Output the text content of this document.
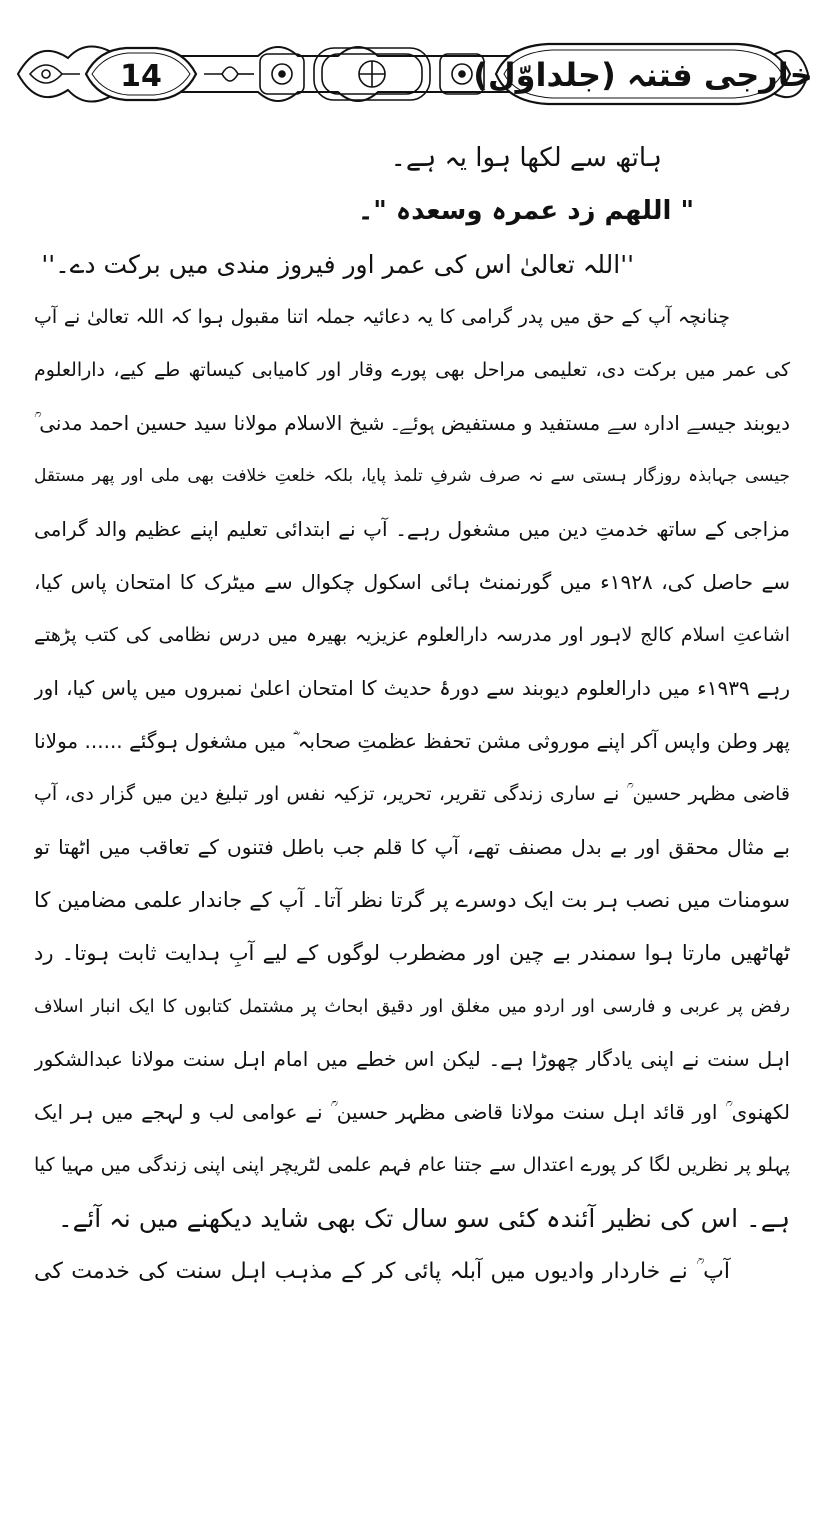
14	خارجی فتنہ (جلداوّل)

ہاتھ سے لکھا ہوا یہ ہے۔

" اللھم زد عمرہ وسعدہ "۔

''اللہ تعالیٰ اس کی عمر اور فیروز مندی میں برکت دے۔''

چنانچہ آپ کے حق میں پدر گرامی کا یہ دعائیہ جملہ اتنا مقبول ہوا کہ اللہ تعالیٰ نے آپ

کی عمر میں برکت دی، تعلیمی مراحل بھی پورے وقار اور کامیابی کیساتھ طے کیے، دارالعلوم

دیوبند جیسے ادارہ سے مستفید و مستفیض ہوئے۔ شیخ الاسلام مولانا سید حسین احمد مدنی ؒ

جیسی جہابذہ روزگار ہستی سے نہ صرف شرفِ تلمذ پایا، بلکہ خلعتِ خلافت بھی ملی اور پھر مستقل

مزاجی کے ساتھ خدمتِ دین میں مشغول رہے۔ آپ نے ابتدائی تعلیم اپنے عظیم والد گرامی

سے حاصل کی، ۱۹۲۸ء میں گورنمنٹ ہائی اسکول چکوال سے میٹرک کا امتحان پاس کیا،

اشاعتِ اسلام کالج لاہور اور مدرسہ دارالعلوم عزیزیہ بھیرہ میں درس نظامی کی کتب پڑھتے

رہے ۱۹۳۹ء میں دارالعلوم دیوبند سے دورۂ حدیث کا امتحان اعلیٰ نمبروں میں پاس کیا، اور

پھر وطن واپس آکر اپنے موروثی مشن تحفظ عظمتِ صحابہ ؓ میں مشغول ہوگئے ...... مولانا

قاضی مظہر حسین ؒ نے ساری زندگی تقریر، تحریر، تزکیہ نفس اور تبلیغ دین میں گزار دی، آپ

بے مثال محقق اور بے بدل مصنف تھے، آپ کا قلم جب باطل فتنوں کے تعاقب میں اٹھتا تو

سومنات میں نصب ہر بت ایک دوسرے پر گرتا نظر آتا۔ آپ کے جاندار علمی مضامین کا

ٹھاٹھیں مارتا ہوا سمندر بے چین اور مضطرب لوگوں کے لیے آبِ ہدایت ثابت ہوتا۔ رد

رفض پر عربی و فارسی اور اردو میں مغلق اور دقیق ابحاث پر مشتمل کتابوں کا ایک انبار اسلاف

اہل سنت نے اپنی یادگار چھوڑا ہے۔ لیکن اس خطے میں امام اہل سنت مولانا عبدالشکور

لکھنوی ؒ اور قائد اہل سنت مولانا قاضی مظہر حسین ؒ نے عوامی لب و لہجے میں ہر ایک

پہلو پر نظریں لگا کر پورے اعتدال سے جتنا عام فہم علمی لٹریچر اپنی اپنی زندگی میں مہیا کیا

ہے۔ اس کی نظیر آئندہ کئی سو سال تک بھی شاید دیکھنے میں نہ آئے۔

آپ ؒ نے خاردار وادیوں میں آبلہ پائی کر کے مذہب اہل سنت کی خدمت کی
